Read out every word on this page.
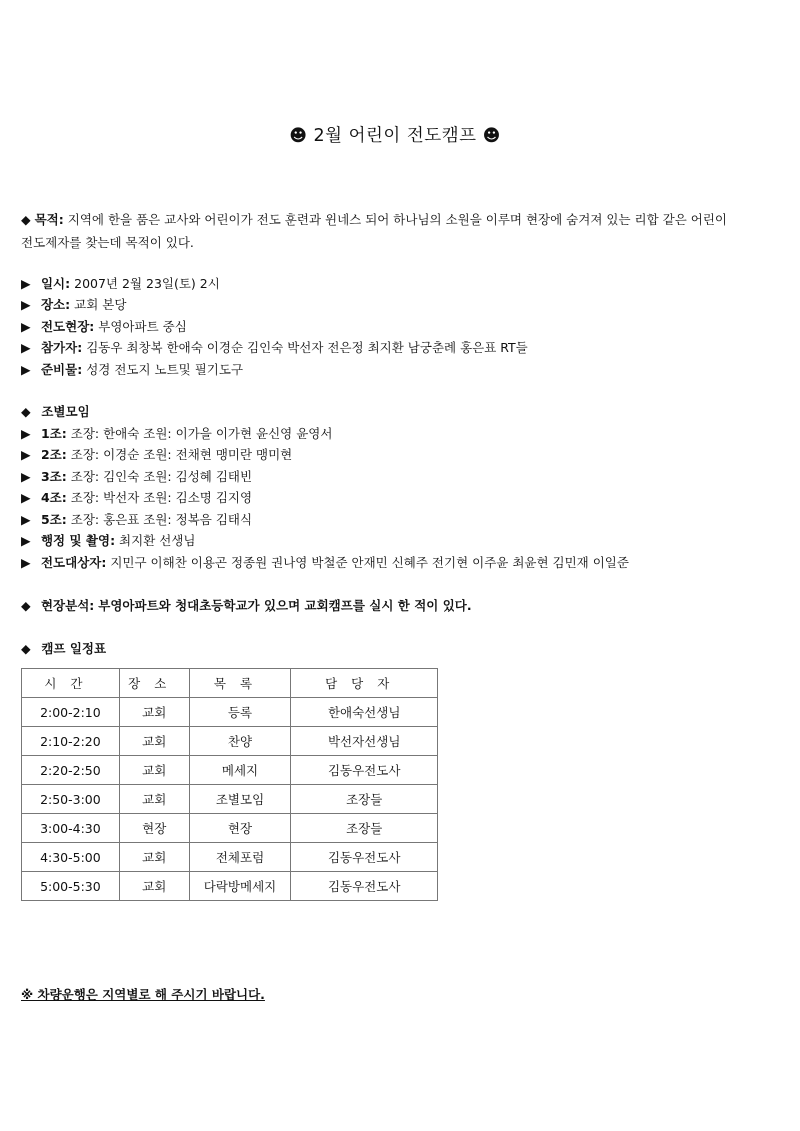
☻ 2월 어린이 전도캠프 ☻
◆ 목적: 지역에 한을 품은 교사와 어린이가 전도 훈련과 윈네스 되어 하나님의 소원을 이루며 현장에 숨겨져 있는 리합 같은 어린이 전도제자를 찾는데 목적이 있다.
▶ 일시: 2007년 2월 23일(토) 2시
▶ 장소: 교회 본당
▶ 전도현장: 부영아파트 중심
▶ 참가자: 김동우 최창복 한애숙 이경순 김인숙 박선자 전은정 최지환 남궁춘례 홍은표 RT들
▶ 준비물: 성경 전도지 노트및 필기도구
◆ 조별모임
▶ 1조: 조장: 한애숙 조원: 이가을 이가현 윤신영 윤영서
▶ 2조: 조장: 이경순 조원: 전채현 맹미란 맹미현
▶ 3조: 조장: 김인숙 조원: 김성혜 김태빈
▶ 4조: 조장: 박선자 조원: 김소명 김지영
▶ 5조: 조장: 홍은표 조원: 정복음 김태식
▶ 행정 및 촬영: 최지환 선생님
▶ 전도대상자: 지민구 이해찬 이용곤 정종원 권나영 박철준 안재민 신혜주 전기현 이주윤 최윤현 김민재 이일준
◆ 현장분석: 부영아파트와 청대초등학교가 있으며 교회캠프를 실시 한 적이 있다.
◆ 캠프 일정표
시간	장소	목록	담당자
2:00-2:10	교회	등록	한애숙선생님
2:10-2:20	교회	찬양	박선자선생님
2:20-2:50	교회	메세지	김동우전도사
2:50-3:00	교회	조별모임	조장들
3:00-4:30	현장	현장	조장들
4:30-5:00	교회	전체포럼	김동우전도사
5:00-5:30	교회	다락방메세지	김동우전도사
※ 차량운행은 지역별로 해 주시기 바랍니다.
